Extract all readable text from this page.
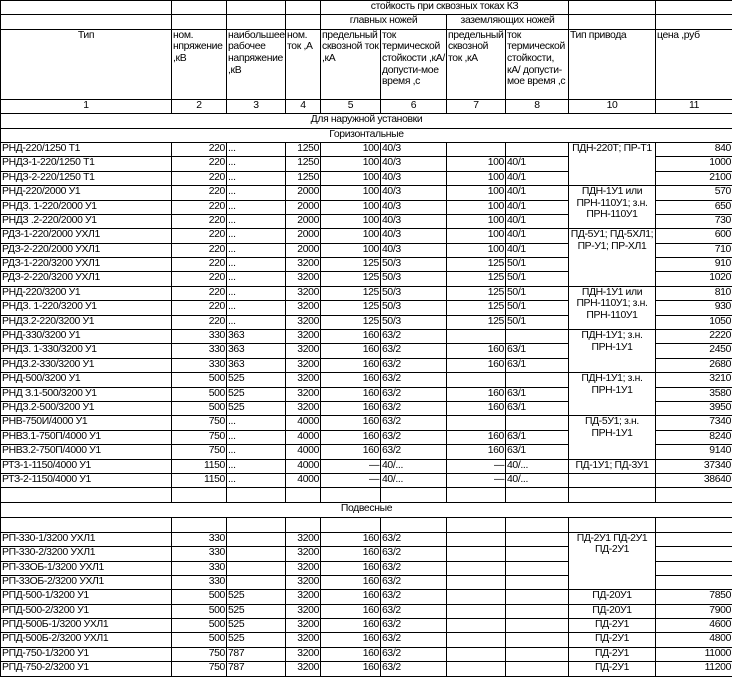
				стойкость при сквозных токах КЗ					
				главных ножей		заземляющих ножей			
Тип	ном. нпряжение ,кВ	наибольшее рабочее напряжение ,кВ	ном. ток ,А	предельный сквозной ток ,кА	ток термической стойкости ,кА/допусти-мое время ,с	предельный сквозной ток ,кА	ток термической стойкости, кА/ допусти-мое время ,с	Тип привода	цена ,руб
1	2	3	4	5	6	7	8	10	11
Для наружной установки									
Горизонтальные									
РНД-220/1250 Т1	220	...	1250	100	40/3			ПДН-220Т; ПР-Т1	840
РНДЗ-1-220/1250 Т1	220	...	1250	100	40/3	100	40/1		1000
РНДЗ-2-220/1250 Т1	220	...	1250	100	40/3	100	40/1		2100
РНД-220/2000 У1	220	...	2000	100	40/3	100	40/1	ПДН-1У1 или ПРН-110У1; з.н. ПРН-110У1	570
РНДЗ. 1-220/2000 У1	220	...	2000	100	40/3	100	40/1		650
РНДЗ .2-220/2000 У1	220	...	2000	100	40/3	100	40/1		730
РДЗ-1-220/2000 УХЛ1	220	...	2000	100	40/3	100	40/1	ПД-5У1; ПД-5ХЛ1; ПР-У1; ПР-ХЛ1	600
РДЗ-2-220/2000 УХЛ1	220	...	2000	100	40/3	100	40/1		710
РДЗ-1-220/3200 УХЛ1	220	...	3200	125	50/3	125	50/1		910
РДЗ-2-220/3200 УХЛ1	220	...	3200	125	50/3	125	50/1		1020
РНД-220/3200 У1	220	...	3200	125	50/3	125	50/1	ПДН-1У1 или ПРН-110У1; з.н. ПРН-110У1	810
РНДЗ. 1-220/3200 У1	220	...	3200	125	50/3	125	50/1		930
РНДЗ.2-220/3200 У1	220	...	3200	125	50/3	125	50/1		1050
РНД-330/3200 У1	330	363	3200	160	63/2			ПДН-1У1; з.н. ПРН-1У1	2220
РНДЗ. 1-330/3200 У1	330	363	3200	160	63/2	160	63/1		2450
РНДЗ.2-330/3200 У1	330	363	3200	160	63/2	160	63/1		2680
РНД-500/3200 У1	500	525	3200	160	63/2			ПДН-1У1; з.н. ПРН-1У1	3210
РНД З.1-500/3200 У1	500	525	3200	160	63/2	160	63/1		3580
РНДЗ.2-500/3200 У1	500	525	3200	160	63/2	160	63/1		3950
РНВ-750И/4000 У1	750	...	4000	160	63/2			ПД-5У1; з.н. ПРН-1У1	7340
РНВЗ.1-750П/4000 У1	750	...	4000	160	63/2	160	63/1		8240
РНВЗ.2-750П/4000 У1	750	...	4000	160	63/2	160	63/1		9140
РТЗ-1-1150/4000 У1	1150	...	4000	—	40/...	—	40/...	ПД-1У1; ПД-3У1	37340
РТЗ-2-1150/4000 У1	1150	...	4000	—	40/...	—	40/...		38640

Подвесные									

РП-330-1/3200 УХЛ1	330		3200	160	63/2			ПД-2У1 ПД-2У1 ПД-2У1	
РП-330-2/3200 УХЛ1	330		3200	160	63/2				
РП-33ОБ-1/3200 УХЛ1	330		3200	160	63/2				
РП-33ОБ-2/3200 УХЛ1	330		3200	160	63/2				
РПД-500-1/3200 У1	500	525	3200	160	63/2			ПД-20У1	7850
РПД-500-2/3200 У1	500	525	3200	160	63/2			ПД-20У1	7900
РПД-500Б-1/3200 УХЛ1	500	525	3200	160	63/2			ПД-2У1	4600
РПД-500Б-2/3200 УХЛ1	500	525	3200	160	63/2			ПД-2У1	4800
РПД-750-1/3200 У1	750	787	3200	160	63/2			ПД-2У1	11000
РПД-750-2/3200 У1	750	787	3200	160	63/2			ПД-2У1	11200
